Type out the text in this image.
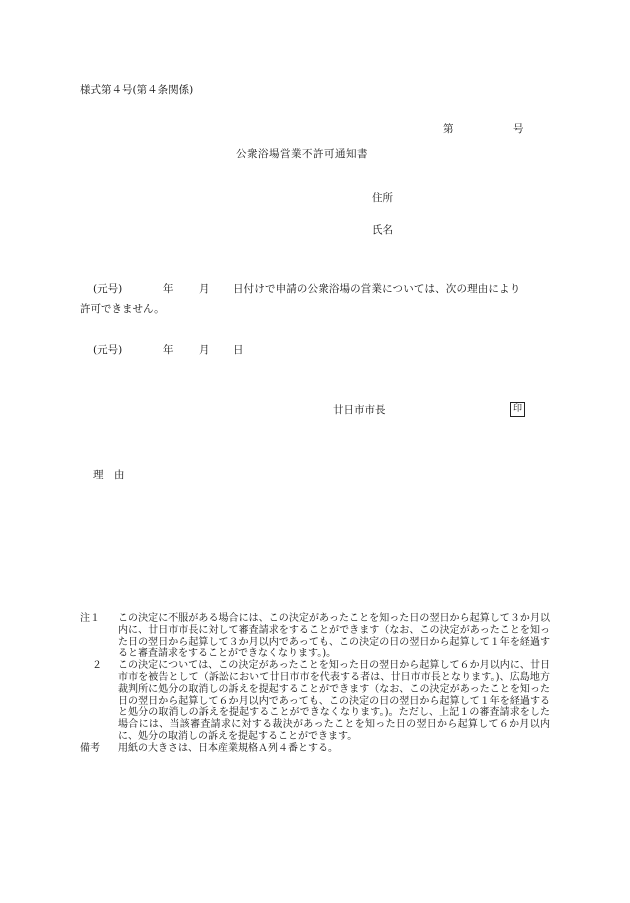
様式第４号(第４条関係)
第	号
公衆浴場営業不許可通知書
住所
氏名
(元号)	年 月 日付けで申請の公衆浴場の営業については、次の理由により
許可できません。
(元号)	年 月 日
廿日市市長	印
理　由
注１	この決定に不服がある場合には、この決定があったことを知った日の翌日から起算して３か月以内に、廿日市市長に対して審査請求をすることができます（なお、この決定があったことを知った日の翌日から起算して３か月以内であっても、この決定の日の翌日から起算して１年を経過すると審査請求をすることができなくなります。)。
２	この決定については、この決定があったことを知った日の翌日から起算して６か月以内に、廿日市市を被告として（訴訟において廿日市市を代表する者は、廿日市市長となります。)、広島地方裁判所に処分の取消しの訴えを提起することができます（なお、この決定があったことを知った日の翌日から起算して６か月以内であっても、この決定の日の翌日から起算して１年を経過すると処分の取消しの訴えを提起することができなくなります。)。ただし、上記１の審査請求をした場合には、当該審査請求に対する裁決があったことを知った日の翌日から起算して６か月以内に、処分の取消しの訴えを提起することができます。
備考	用紙の大きさは、日本産業規格Ａ列４番とする。
